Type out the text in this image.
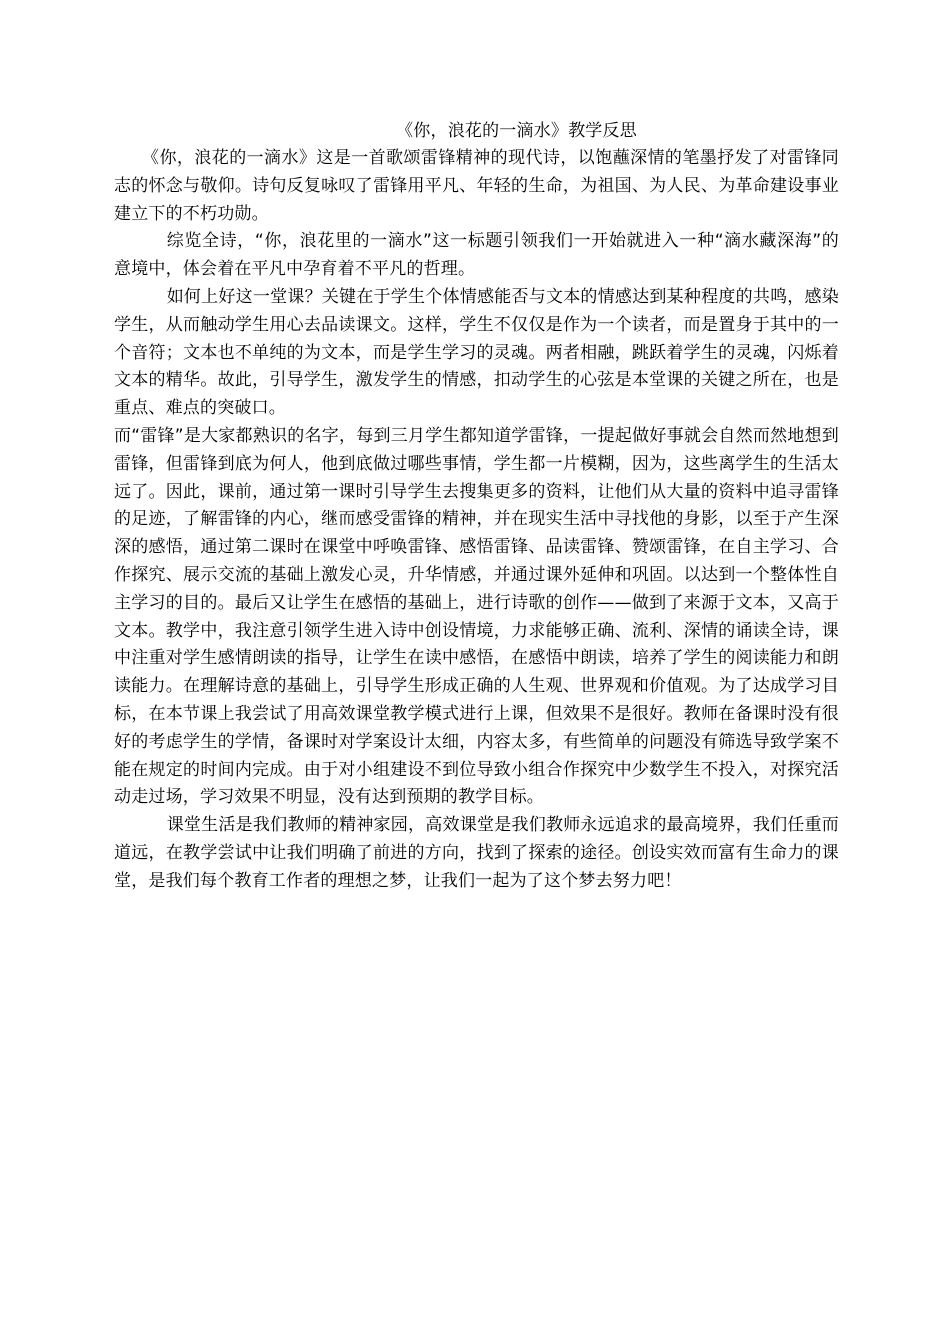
《你，浪花的一滴水》教学反思

《你，浪花的一滴水》这是一首歌颂雷锋精神的现代诗，以饱蘸深情的笔墨抒发了对雷锋同志的怀念与敬仰。诗句反复咏叹了雷锋用平凡、年轻的生命，为祖国、为人民、为革命建设事业建立下的不朽功勋。

综览全诗，“你，浪花里的一滴水”这一标题引领我们一开始就进入一种“滴水藏深海”的意境中，体会着在平凡中孕育着不平凡的哲理。

如何上好这一堂课？关键在于学生个体情感能否与文本的情感达到某种程度的共鸣，感染学生，从而触动学生用心去品读课文。这样，学生不仅仅是作为一个读者，而是置身于其中的一个音符；文本也不单纯的为文本，而是学生学习的灵魂。两者相融，跳跃着学生的灵魂，闪烁着文本的精华。故此，引导学生，激发学生的情感，扣动学生的心弦是本堂课的关键之所在，也是重点、难点的突破口。

而“雷锋”是大家都熟识的名字，每到三月学生都知道学雷锋，一提起做好事就会自然而然地想到雷锋，但雷锋到底为何人，他到底做过哪些事情，学生都一片模糊，因为，这些离学生的生活太远了。因此，课前，通过第一课时引导学生去搜集更多的资料，让他们从大量的资料中追寻雷锋的足迹，了解雷锋的内心，继而感受雷锋的精神，并在现实生活中寻找他的身影，以至于产生深深的感悟，通过第二课时在课堂中呼唤雷锋、感悟雷锋、品读雷锋、赞颂雷锋，在自主学习、合作探究、展示交流的基础上激发心灵，升华情感，并通过课外延伸和巩固。以达到一个整体性自主学习的目的。最后又让学生在感悟的基础上，进行诗歌的创作——做到了来源于文本，又高于文本。教学中，我注意引领学生进入诗中创设情境，力求能够正确、流利、深情的诵读全诗，课中注重对学生感情朗读的指导，让学生在读中感悟，在感悟中朗读，培养了学生的阅读能力和朗读能力。在理解诗意的基础上，引导学生形成正确的人生观、世界观和价值观。为了达成学习目标，在本节课上我尝试了用高效课堂教学模式进行上课，但效果不是很好。教师在备课时没有很好的考虑学生的学情，备课时对学案设计太细，内容太多，有些简单的问题没有筛选导致学案不能在规定的时间内完成。由于对小组建设不到位导致小组合作探究中少数学生不投入，对探究活动走过场，学习效果不明显，没有达到预期的教学目标。

课堂生活是我们教师的精神家园，高效课堂是我们教师永远追求的最高境界，我们任重而道远，在教学尝试中让我们明确了前进的方向，找到了探索的途径。创设实效而富有生命力的课堂，是我们每个教育工作者的理想之梦，让我们一起为了这个梦去努力吧！
